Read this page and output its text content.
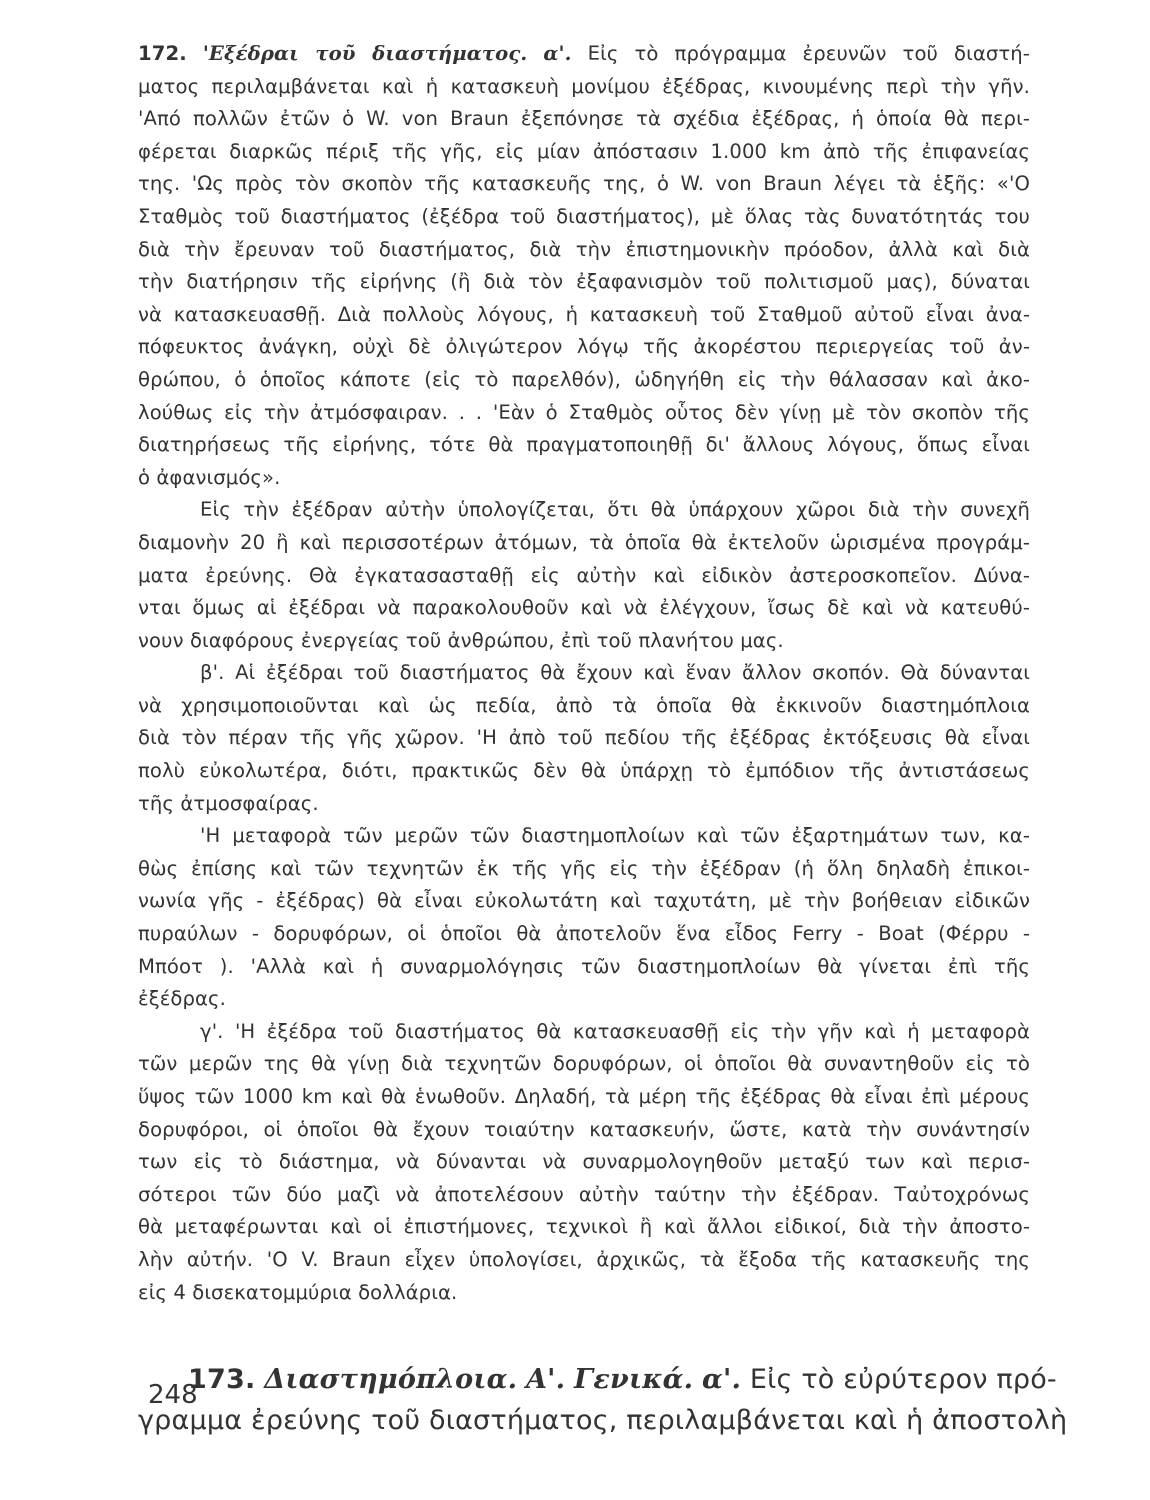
172. 'Εξέδραι τοῦ διαστήματος. α'. Εἰς τὸ πρόγραμμα ἐρευνῶν τοῦ διαστή-
ματος περιλαμβάνεται καὶ ἡ κατασκευὴ μονίμου ἐξέδρας, κινουμένης περὶ τὴν γῆν.
'Από πολλῶν ἐτῶν ὁ W. von Braun ἐξεπόνησε τὰ σχέδια ἐξέδρας, ἡ ὁποία θὰ περι-
φέρεται διαρκῶς πέριξ τῆς γῆς, εἰς μίαν ἀπόστασιν 1.000 km ἀπὸ τῆς ἐπιφανείας
της. 'Ως πρὸς τὸν σκοπὸν τῆς κατασκευῆς της, ὁ W. von Braun λέγει τὰ ἑξῆς: «'Ο
Σταθμὸς τοῦ διαστήματος (ἐξέδρα τοῦ διαστήματος), μὲ ὅλας τὰς δυνατότητάς του
διὰ τὴν ἔρευναν τοῦ διαστήματος, διὰ τὴν ἐπιστημονικὴν πρόοδον, ἀλλὰ καὶ διὰ
τὴν διατήρησιν τῆς εἰρήνης (ἢ διὰ τὸν ἐξαφανισμὸν τοῦ πολιτισμοῦ μας), δύναται
νὰ κατασκευασθῇ. Διὰ πολλοὺς λόγους, ἡ κατασκευὴ τοῦ Σταθμοῦ αὐτοῦ εἶναι ἀνα-
πόφευκτος ἀνάγκη, οὐχὶ δὲ ὀλιγώτερον λόγῳ τῆς ἀκορέστου περιεργείας τοῦ ἀν-
θρώπου, ὁ ὁποῖος κάποτε (εἰς τὸ παρελθόν), ὡδηγήθη εἰς τὴν θάλασσαν καὶ ἀκο-
λούθως εἰς τὴν ἀτμόσφαιραν. . . 'Εὰν ὁ Σταθμὸς οὗτος δὲν γίνῃ μὲ τὸν σκοπὸν τῆς
διατηρήσεως τῆς εἰρήνης, τότε θὰ πραγματοποιηθῇ δι' ἄλλους λόγους, ὅπως εἶναι
ὁ ἀφανισμός».
Εἰς τὴν ἐξέδραν αὐτὴν ὑπολογίζεται, ὅτι θὰ ὑπάρχουν χῶροι διὰ τὴν συνεχῆ
διαμονὴν 20 ἢ καὶ περισσοτέρων ἀτόμων, τὰ ὁποῖα θὰ ἐκτελοῦν ὡρισμένα προγράμ-
ματα ἐρεύνης. Θὰ ἐγκατασασταθῇ εἰς αὐτὴν καὶ εἰδικὸν ἀστεροσκοπεῖον. Δύνα-
νται ὅμως αἱ ἐξέδραι νὰ παρακολουθοῦν καὶ νὰ ἐλέγχουν, ἴσως δὲ καὶ νὰ κατευθύ-
νουν διαφόρους ἐνεργείας τοῦ ἀνθρώπου, ἐπὶ τοῦ πλανήτου μας.
β'. Αἱ ἐξέδραι τοῦ διαστήματος θὰ ἔχουν καὶ ἕναν ἄλλον σκοπόν. Θὰ δύνανται
νὰ χρησιμοποιοῦνται καὶ ὡς πεδία, ἀπὸ τὰ ὁποῖα θὰ ἐκκινοῦν διαστημόπλοια
διὰ τὸν πέραν τῆς γῆς χῶρον. 'Η ἀπὸ τοῦ πεδίου τῆς ἐξέδρας ἐκτόξευσις θὰ εἶναι
πολὺ εὐκολωτέρα, διότι, πρακτικῶς δὲν θὰ ὑπάρχῃ τὸ ἐμπόδιον τῆς ἀντιστάσεως
τῆς ἀτμοσφαίρας.
'Η μεταφορὰ τῶν μερῶν τῶν διαστημοπλοίων καὶ τῶν ἐξαρτημάτων των, κα-
θὼς ἐπίσης καὶ τῶν τεχνητῶν ἐκ τῆς γῆς εἰς τὴν ἐξέδραν (ἡ ὅλη δηλαδὴ ἐπικοι-
νωνία γῆς - ἐξέδρας) θὰ εἶναι εὐκολωτάτη καὶ ταχυτάτη, μὲ τὴν βοήθειαν εἰδικῶν
πυραύλων - δορυφόρων, οἱ ὁποῖοι θὰ ἀποτελοῦν ἕνα εἶδος Ferry - Boat (Φέρρυ -
Μπόοτ ). 'Αλλὰ καὶ ἡ συναρμολόγησις τῶν διαστημοπλοίων θὰ γίνεται ἐπὶ τῆς
ἐξέδρας.
γ'. 'Η ἐξέδρα τοῦ διαστήματος θὰ κατασκευασθῇ εἰς τὴν γῆν καὶ ἡ μεταφορὰ
τῶν μερῶν της θὰ γίνῃ διὰ τεχνητῶν δορυφόρων, οἱ ὁποῖοι θὰ συναντηθοῦν εἰς τὸ
ὕψος τῶν 1000 km καὶ θὰ ἑνωθοῦν. Δηλαδή, τὰ μέρη τῆς ἐξέδρας θὰ εἶναι ἐπὶ μέρους
δορυφόροι, οἱ ὁποῖοι θὰ ἔχουν τοιαύτην κατασκευήν, ὥστε, κατὰ τὴν συνάντησίν
των εἰς τὸ διάστημα, νὰ δύνανται νὰ συναρμολογηθοῦν μεταξύ των καὶ περισ-
σότεροι τῶν δύο μαζὶ νὰ ἀποτελέσουν αὐτὴν ταύτην τὴν ἐξέδραν. Ταὐτοχρόνως
θὰ μεταφέρωνται καὶ οἱ ἐπιστήμονες, τεχνικοὶ ἢ καὶ ἄλλοι εἰδικοί, διὰ τὴν ἀποστο-
λὴν αὐτήν. 'Ο V. Braun εἶχεν ὑπολογίσει, ἀρχικῶς, τὰ ἔξοδα τῆς κατασκευῆς της
εἰς 4 δισεκατομμύρια δολλάρια.
173. Διαστημόπλοια. Α'. Γενικά. α'. Εἰς τὸ εὐρύτερον πρό-
γραμμα ἐρεύνης τοῦ διαστήματος, περιλαμβάνεται καὶ ἡ ἀποστολὴ
248
